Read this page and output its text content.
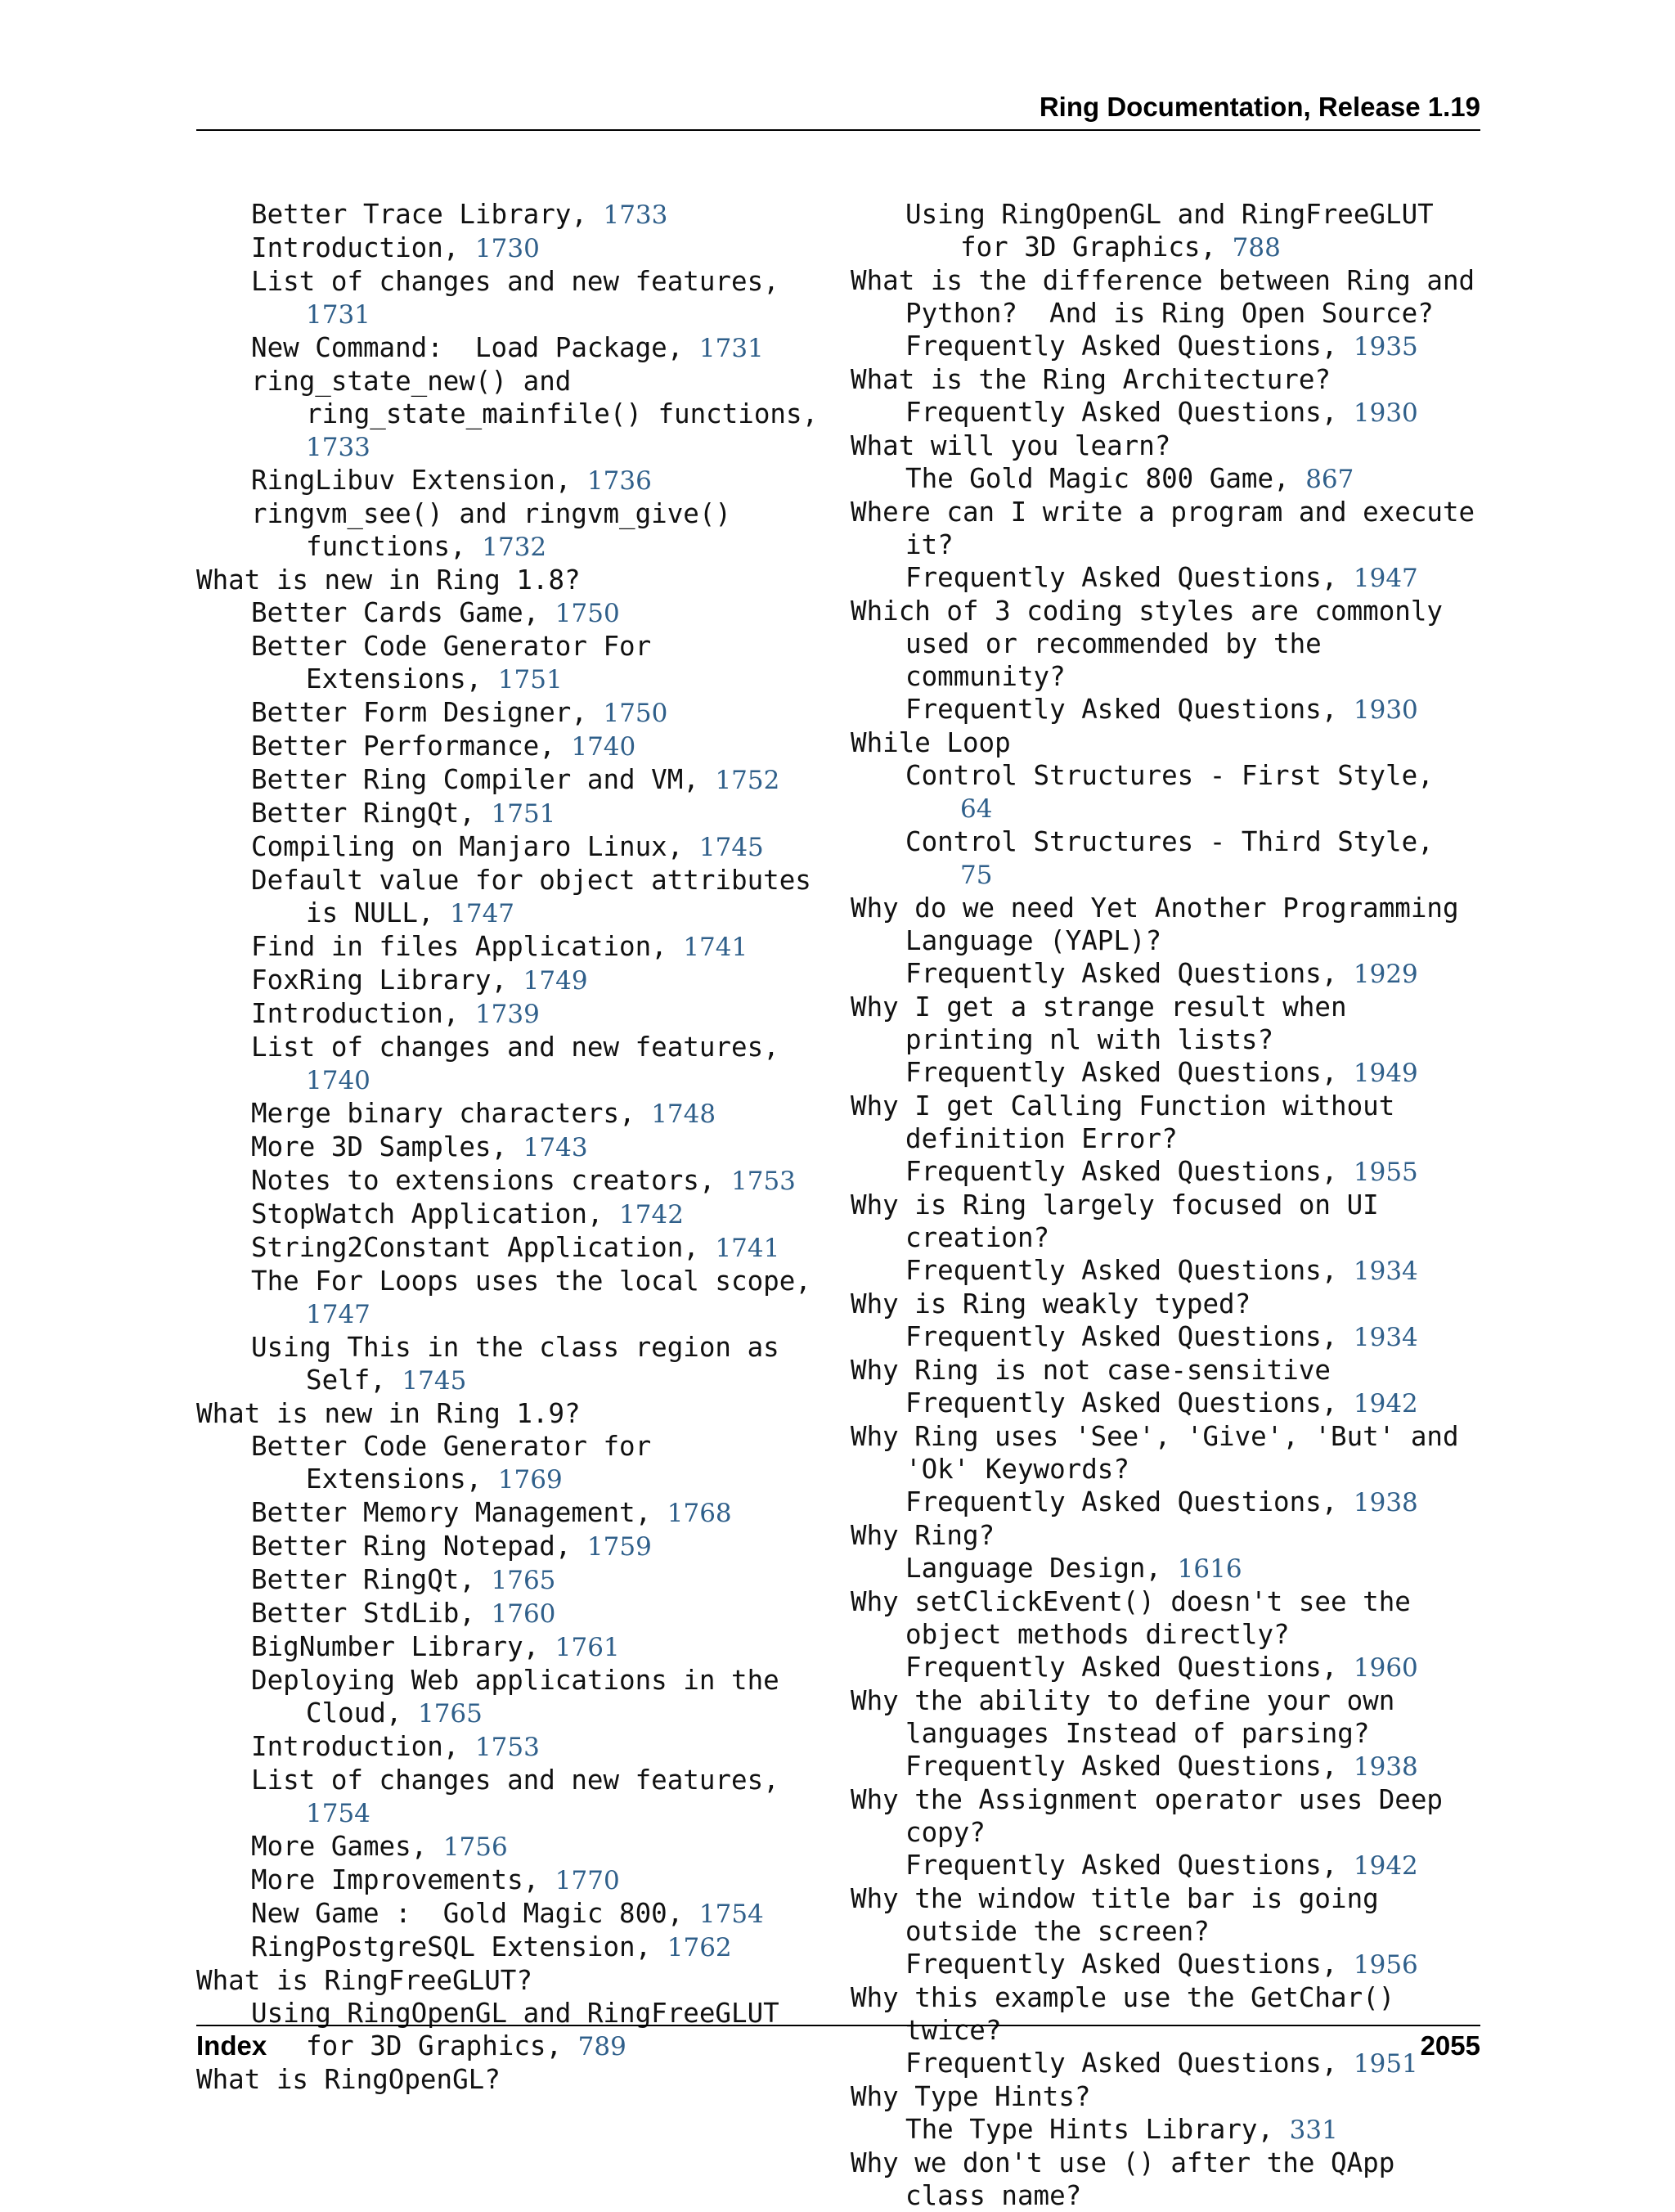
Ring Documentation, Release 1.19
Better Trace Library, 1733
Introduction, 1730
List of changes and new features, 1731
New Command:  Load Package, 1731
ring_state_new() and ring_state_mainfile() functions, 1733
RingLibuv Extension, 1736
ringvm_see() and ringvm_give() functions, 1732
What is new in Ring 1.8?
Better Cards Game, 1750
Better Code Generator For Extensions, 1751
Better Form Designer, 1750
Better Performance, 1740
Better Ring Compiler and VM, 1752
Better RingQt, 1751
Compiling on Manjaro Linux, 1745
Default value for object attributes is NULL, 1747
Find in files Application, 1741
FoxRing Library, 1749
Introduction, 1739
List of changes and new features, 1740
Merge binary characters, 1748
More 3D Samples, 1743
Notes to extensions creators, 1753
StopWatch Application, 1742
String2Constant Application, 1741
The For Loops uses the local scope, 1747
Using This in the class region as Self, 1745
What is new in Ring 1.9?
Better Code Generator for Extensions, 1769
Better Memory Management, 1768
Better Ring Notepad, 1759
Better RingQt, 1765
Better StdLib, 1760
BigNumber Library, 1761
Deploying Web applications in the Cloud, 1765
Introduction, 1753
List of changes and new features, 1754
More Games, 1756
More Improvements, 1770
New Game :  Gold Magic 800, 1754
RingPostgreSQL Extension, 1762
What is RingFreeGLUT?
Using RingOpenGL and RingFreeGLUT for 3D Graphics, 789
What is RingOpenGL?
Using RingOpenGL and RingFreeGLUT for 3D Graphics, 788
What is the difference between Ring and Python?  And is Ring Open Source?
Frequently Asked Questions, 1935
What is the Ring Architecture?
Frequently Asked Questions, 1930
What will you learn?
The Gold Magic 800 Game, 867
Where can I write a program and execute it?
Frequently Asked Questions, 1947
Which of 3 coding styles are commonly used or recommended by the community?
Frequently Asked Questions, 1930
While Loop
Control Structures - First Style, 64
Control Structures - Third Style, 75
Why do we need Yet Another Programming Language (YAPL)?
Frequently Asked Questions, 1929
Why I get a strange result when printing nl with lists?
Frequently Asked Questions, 1949
Why I get Calling Function without definition Error?
Frequently Asked Questions, 1955
Why is Ring largely focused on UI creation?
Frequently Asked Questions, 1934
Why is Ring weakly typed?
Frequently Asked Questions, 1934
Why Ring is not case-sensitive
Frequently Asked Questions, 1942
Why Ring uses 'See', 'Give', 'But' and 'Ok' Keywords?
Frequently Asked Questions, 1938
Why Ring?
Language Design, 1616
Why setClickEvent() doesn't see the object methods directly?
Frequently Asked Questions, 1960
Why the ability to define your own languages Instead of parsing?
Frequently Asked Questions, 1938
Why the Assignment operator uses Deep copy?
Frequently Asked Questions, 1942
Why the window title bar is going outside the screen?
Frequently Asked Questions, 1956
Why this example use the GetChar() twice?
Frequently Asked Questions, 1951
Why Type Hints?
The Type Hints Library, 331
Why we don't use () after the QApp class name?
Index	2055
